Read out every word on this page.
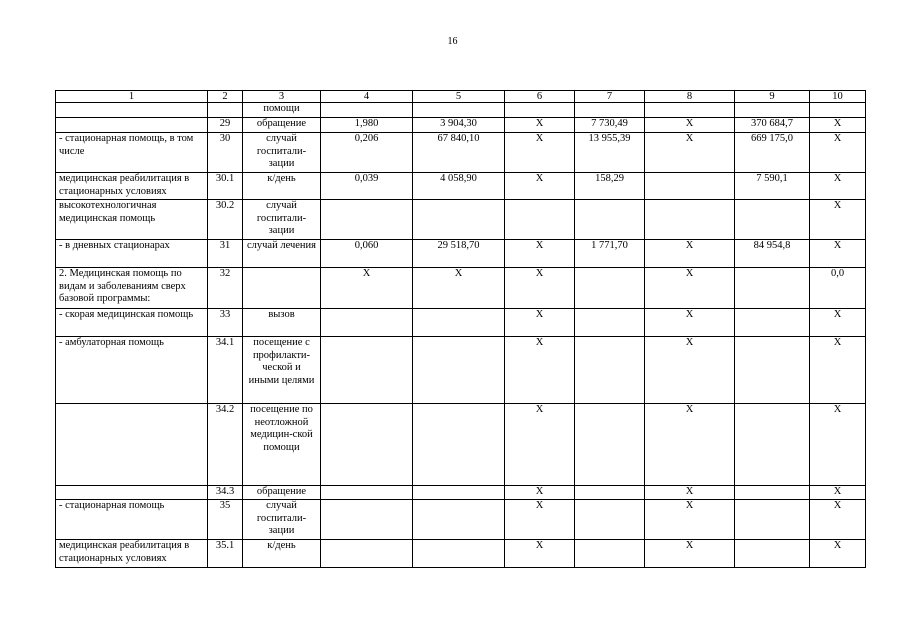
16
1	2	3	4	5	6	7	8	9	10
		помощи							
	29	обращение	1,980	3 904,30	Х	7 730,49	Х	370 684,7	Х
- стационарная помощь, в том числе	30	случай госпитали-зации	0,206	67 840,10	Х	13 955,39	Х	669 175,0	Х
медицинская реабилитация в стационарных условиях	30.1	к/день	0,039	4 058,90	Х	158,29		7 590,1	Х
высокотехнологичная медицинская помощь	30.2	случай госпитали-зации							Х
- в дневных стационарах	31	случай лечения	0,060	29 518,70	Х	1 771,70	Х	84 954,8	Х
2. Медицинская помощь по видам и заболеваниям сверх базовой программы:	32		Х	Х	Х		Х		0,0
- скорая медицинская помощь	33	вызов			Х		Х		Х
- амбулаторная помощь	34.1	посещение с профилакти-ческой и иными целями			Х		Х		Х
	34.2	посещение по неотложной медицин-ской помощи			Х		Х		Х
	34.3	обращение			Х		Х		Х
- стационарная помощь	35	случай госпитали-зации			Х		Х		Х
медицинская реабилитация в стационарных условиях	35.1	к/день			Х		Х		Х
